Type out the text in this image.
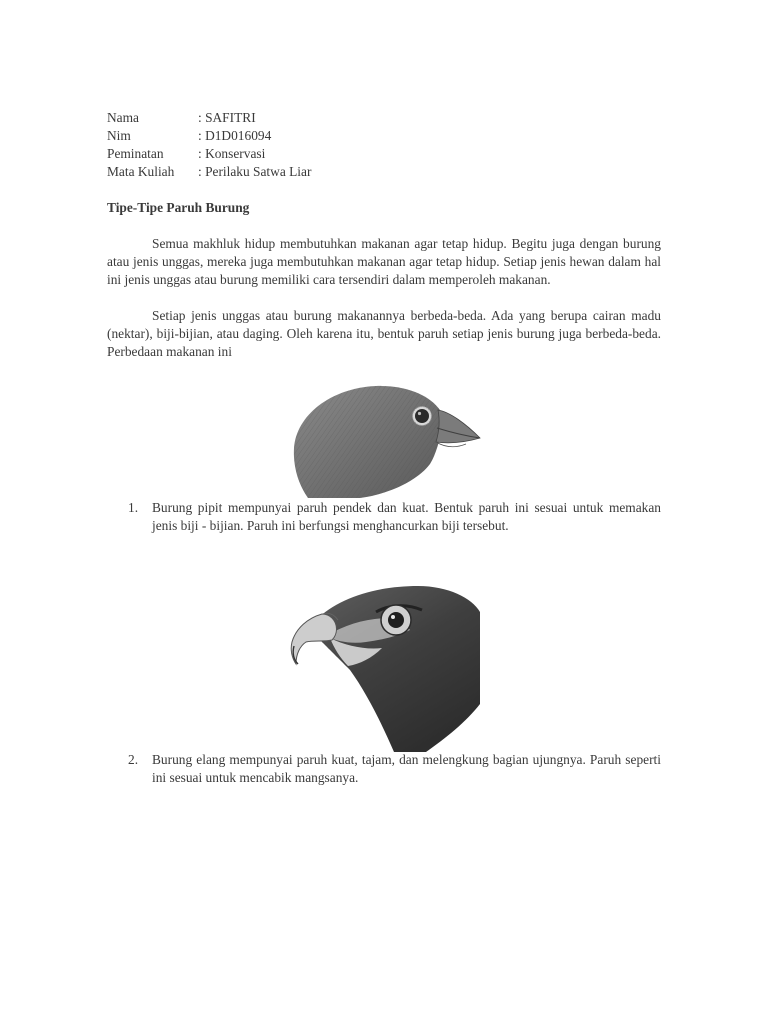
Nama	: SAFITRI
Nim	: D1D016094
Peminatan	: Konservasi
Mata Kuliah	: Perilaku Satwa Liar
Tipe-Tipe Paruh Burung

Semua makhluk hidup membutuhkan makanan agar tetap hidup. Begitu juga dengan burung atau jenis unggas, mereka juga membutuhkan makanan agar tetap hidup. Setiap jenis hewan dalam hal ini jenis unggas atau burung memiliki cara tersendiri dalam memperoleh makanan.

Setiap jenis unggas atau burung makanannya berbeda-beda. Ada yang berupa cairan madu (nektar), biji-bijian, atau daging. Oleh karena itu, bentuk paruh setiap jenis burung juga berbeda-beda. Perbedaan makanan ini

1.	Burung pipit mempunyai paruh pendek dan kuat. Bentuk paruh ini sesuai untuk memakan jenis biji - bijian. Paruh ini berfungsi menghancurkan biji tersebut.
2.	Burung elang mempunyai paruh kuat, tajam, dan melengkung bagian ujungnya. Paruh seperti ini sesuai untuk mencabik mangsanya.
